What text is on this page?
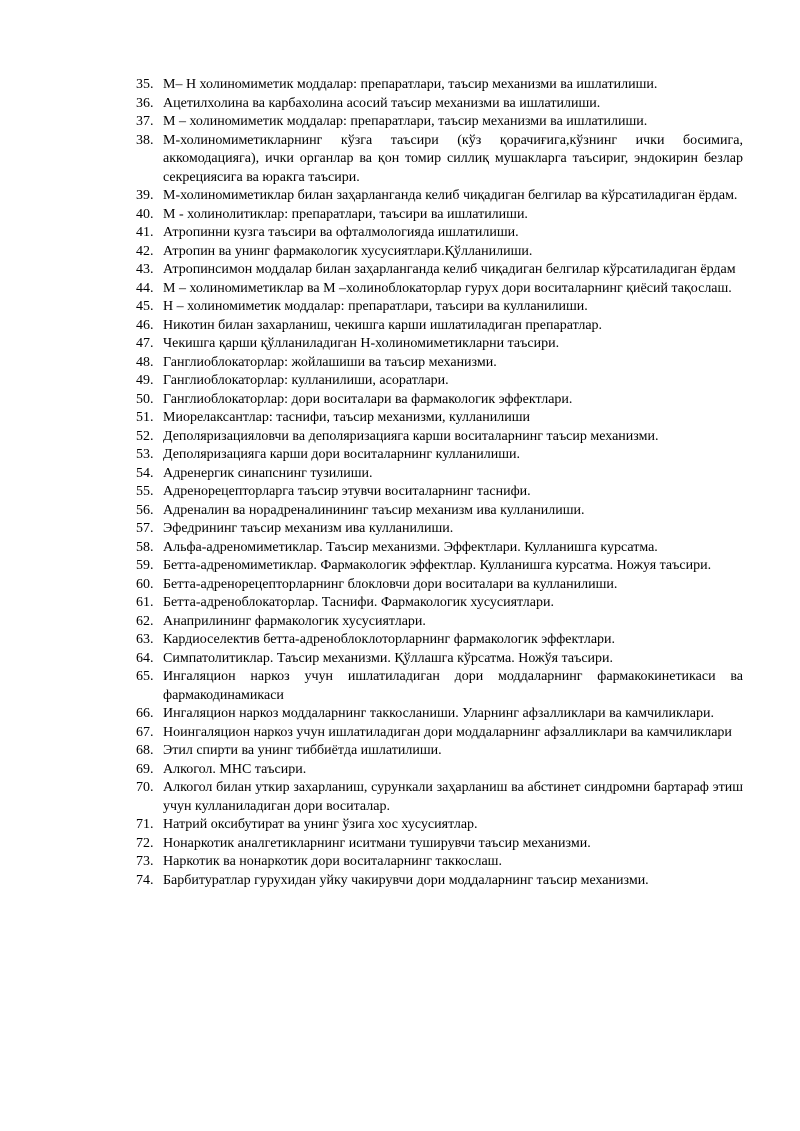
35. М– Н холиномиметик моддалар: препаратлари, таъсир механизми ва ишлатилиши.
36. Ацетилхолина ва карбахолина асосий таъсир механизми ва ишлатилиши.
37. М – холиномиметик моддалар: препаратлари, таъсир механизми ва ишлатилиши.
38. М-холиномиметикларнинг кўзга таъсири (кўз қорачиғига,кўзнинг ички босимига, аккомодацияга), ички органлар ва қон томир силлиқ мушакларга таъсириг, эндокирин безлар секрециясига ва юракга таъсири.
39. М-холиномиметиклар билан заҳарланганда келиб чиқадиган белгилар ва кўрсатиладиган ёрдам.
40. М - холинолитиклар: препаратлари, таъсири ва ишлатилиши.
41. Атропинни кузга таъсири ва офталмологияда ишлатилиши.
42. Атропин ва унинг фармакологик хусусиятлари.Қўлланилиши.
43. Атропинсимон моддалар билан заҳарланганда келиб чиқадиган белгилар кўрсатиладиган ёрдам
44. М – холиномиметиклар ва М –холиноблокаторлар гурух дори воситаларнинг қиёсий тақослаш.
45. Н – холиномиметик моддалар: препаратлари, таъсири ва кулланилиши.
46. Никотин билан захарланиш, чекишга карши ишлатиладиган препаратлар.
47. Чекишга қарши қўлланиладиган Н-холиномиметикларни таъсири.
48. Ганглиоблокаторлар: жойлашиши ва таъсир механизми.
49. Ганглиоблокаторлар: кулланилиши, асоратлари.
50. Ганглиоблокаторлар: дори воситалари ва фармакологик эффектлари.
51. Миорелаксантлар: таснифи, таъсир механизми, кулланилиши
52. Деполяризацияловчи ва деполяризацияга карши воситаларнинг таъсир механизми.
53. Деполяризацияга карши дори воситаларнинг кулланилиши.
54. Адренергик синапснинг тузилиши.
55. Адренорецепторларга таъсир этувчи воситаларнинг таснифи.
56. Адреналин ва норадреналинининг таъсир механизм ива кулланилиши.
57. Эфедрининг таъсир механизм ива кулланилиши.
58. Альфа-адреномиметиклар. Таъсир механизми. Эффектлари. Кулланишга курсатма.
59. Бетта-адреномиметиклар. Фармакологик эффектлар. Кулланишга курсатма. Ножуя таъсири.
60. Бетта-адренорецепторларнинг блокловчи дори воситалари ва кулланилиши.
61. Бетта-адреноблокаторлар. Таснифи. Фармакологик хусусиятлари.
62. Анаприлининг фармакологик хусусиятлари.
63. Кардиоселектив бетта-адреноблоклоторларнинг фармакологик эффектлари.
64. Симпатолитиклар. Таъсир механизми. Қўллашга кўрсатма. Ножўя таъсири.
65. Ингаляцион наркоз учун ишлатиладиган дори моддаларнинг фармакокинетикаси ва фармакодинамикаси
66. Ингаляцион наркоз моддаларнинг таккосланиши. Уларнинг афзалликлари ва камчиликлари.
67. Ноингаляцион наркоз учун ишлатиладиган дори моддаларнинг афзалликлари ва камчиликлари
68. Этил спирти ва унинг тиббиётда ишлатилиши.
69. Алкогол. МНС таъсири.
70. Алкогол билан уткир захарланиш, сурункали заҳарланиш ва абстинет синдромни бартараф этиш учун кулланиладиган дори воситалар.
71. Натрий оксибутират ва унинг ўзига хос хусусиятлар.
72. Нонаркотик аналгетикларнинг иситмани туширувчи таъсир механизми.
73. Наркотик ва нонаркотик дори воситаларнинг таккослаш.
74. Барбитуратлар гурухидан уйку чакирувчи дори моддаларнинг таъсир механизми.
